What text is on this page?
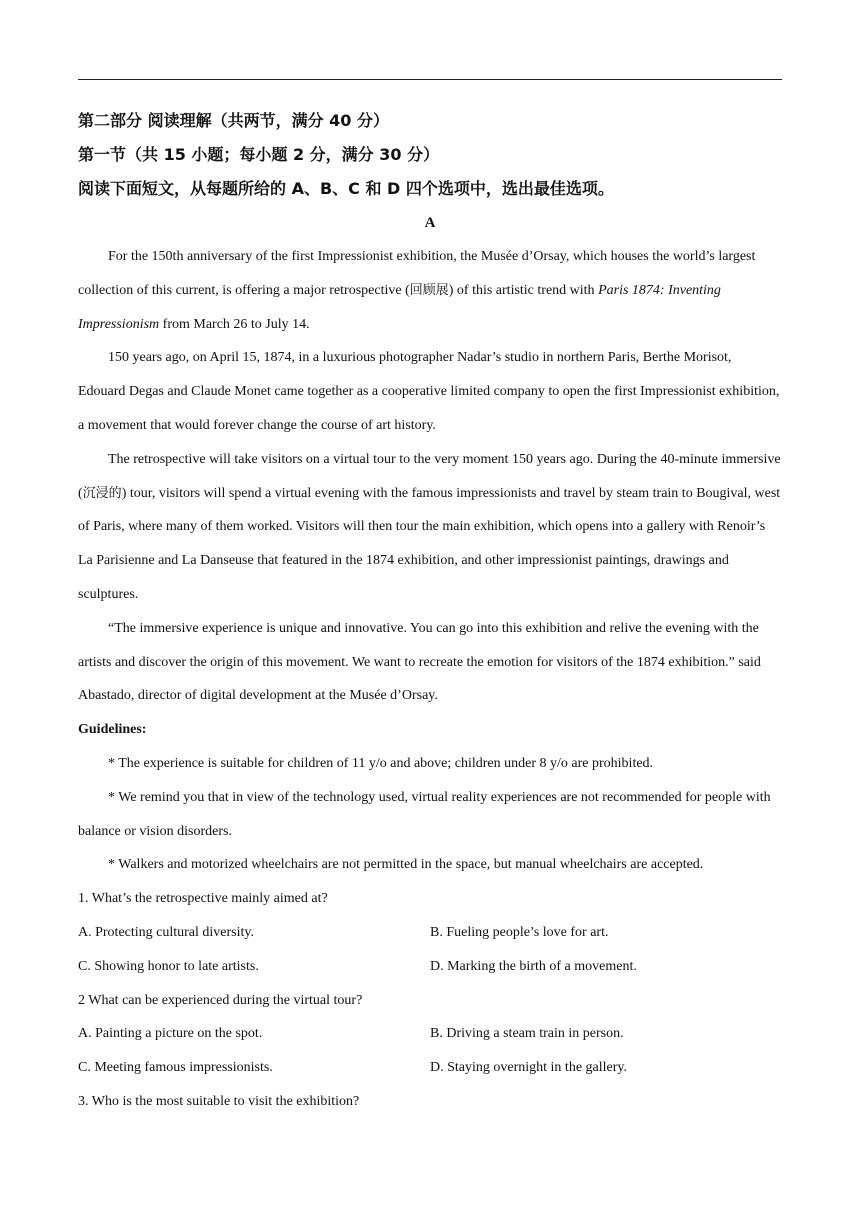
第二部分 阅读理解（共两节，满分 40 分）

第一节（共 15 小题；每小题 2 分，满分 30 分）

阅读下面短文，从每题所给的 A、B、C 和 D 四个选项中，选出最佳选项。

A

For the 150th anniversary of the first Impressionist exhibition, the Musée d’Orsay, which houses the world’s largest collection of this current, is offering a major retrospective (回顾展) of this artistic trend with Paris 1874: Inventing Impressionism from March 26 to July 14.

150 years ago, on April 15, 1874, in a luxurious photographer Nadar’s studio in northern Paris, Berthe Morisot, Edouard Degas and Claude Monet came together as a cooperative limited company to open the first Impressionist exhibition, a movement that would forever change the course of art history.

The retrospective will take visitors on a virtual tour to the very moment 150 years ago. During the 40-minute immersive (沉浸的) tour, visitors will spend a virtual evening with the famous impressionists and travel by steam train to Bougival, west of Paris, where many of them worked. Visitors will then tour the main exhibition, which opens into a gallery with Renoir’s La Parisienne and La Danseuse that featured in the 1874 exhibition, and other impressionist paintings, drawings and sculptures.

“The immersive experience is unique and innovative. You can go into this exhibition and relive the evening with the artists and discover the origin of this movement. We want to recreate the emotion for visitors of the 1874 exhibition.” said Abastado, director of digital development at the Musée d’Orsay.

Guidelines:

* The experience is suitable for children of 11 y/o and above; children under 8 y/o are prohibited.

* We remind you that in view of the technology used, virtual reality experiences are not recommended for people with balance or vision disorders.

* Walkers and motorized wheelchairs are not permitted in the space, but manual wheelchairs are accepted.

1. What’s the retrospective mainly aimed at?

A. Protecting cultural diversity.	B. Fueling people’s love for art.
C. Showing honor to late artists.	D. Marking the birth of a movement.

2 What can be experienced during the virtual tour?

A. Painting a picture on the spot.	B. Driving a steam train in person.
C. Meeting famous impressionists.	D. Staying overnight in the gallery.

3. Who is the most suitable to visit the exhibition?
